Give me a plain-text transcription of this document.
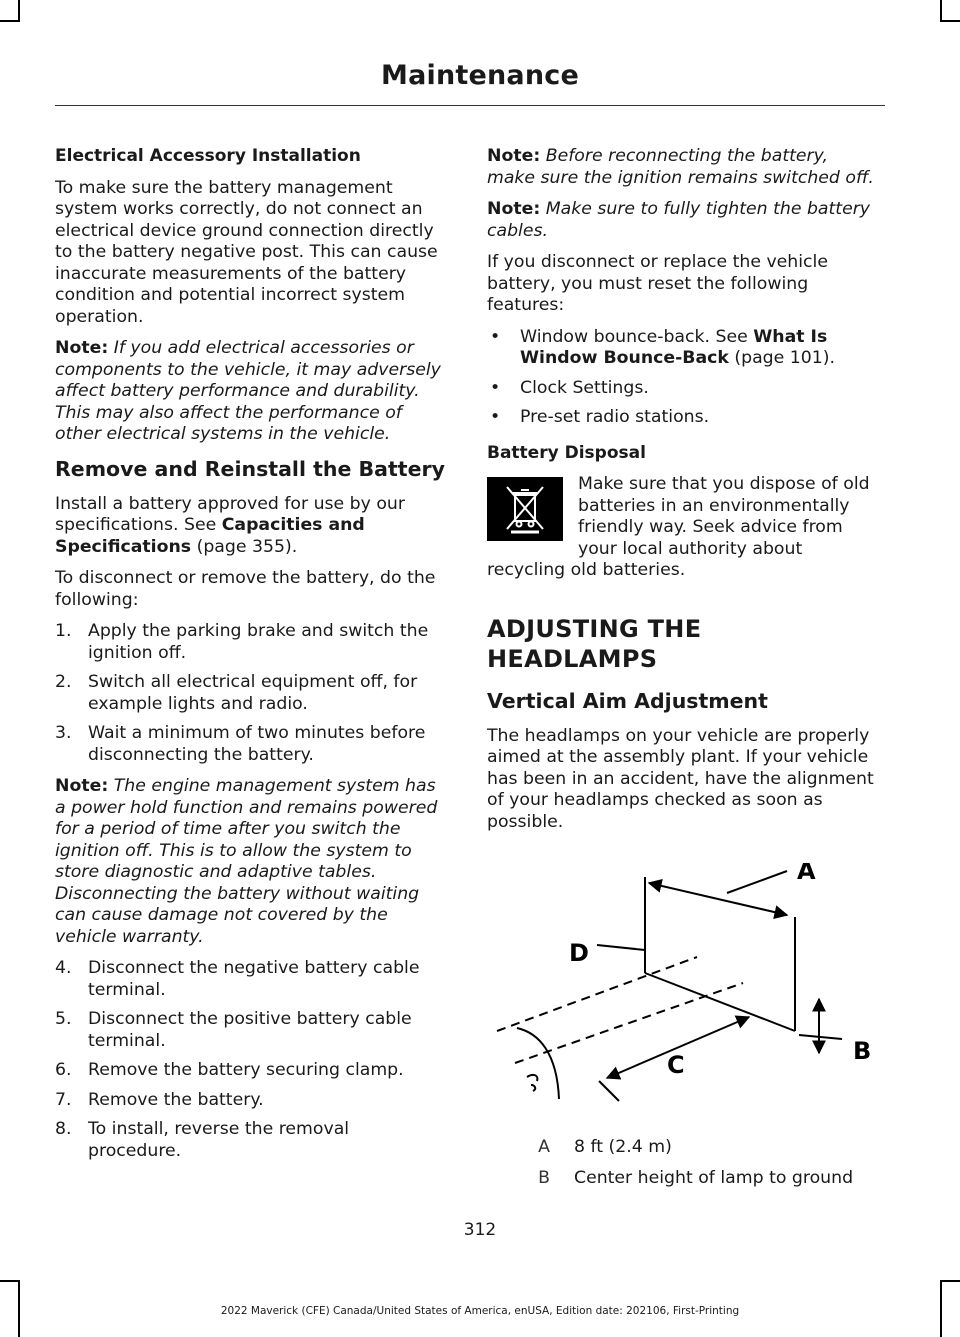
Maintenance
Electrical Accessory Installation

To make sure the battery management system works correctly, do not connect an electrical device ground connection directly to the battery negative post. This can cause inaccurate measurements of the battery condition and potential incorrect system operation.

Note: If you add electrical accessories or components to the vehicle, it may adversely affect battery performance and durability. This may also affect the performance of other electrical systems in the vehicle.

Remove and Reinstall the Battery

Install a battery approved for use by our specifications. See Capacities and Specifications (page 355).

To disconnect or remove the battery, do the following:

1. Apply the parking brake and switch the ignition off.
2. Switch all electrical equipment off, for example lights and radio.
3. Wait a minimum of two minutes before disconnecting the battery.

Note: The engine management system has a power hold function and remains powered for a period of time after you switch the ignition off. This is to allow the system to store diagnostic and adaptive tables. Disconnecting the battery without waiting can cause damage not covered by the vehicle warranty.

4. Disconnect the negative battery cable terminal.
5. Disconnect the positive battery cable terminal.
6. Remove the battery securing clamp.
7. Remove the battery.
8. To install, reverse the removal procedure.

Note: Before reconnecting the battery, make sure the ignition remains switched off.

Note: Make sure to fully tighten the battery cables.

If you disconnect or replace the vehicle battery, you must reset the following features:

•	Window bounce-back. See What Is Window Bounce-Back (page 101).
•	Clock Settings.
•	Pre-set radio stations.
Battery Disposal

Make sure that you dispose of old batteries in an environmentally friendly way. Seek advice from your local authority about recycling old batteries.

ADJUSTING THE HEADLAMPS
Vertical Aim Adjustment

The headlamps on your vehicle are properly aimed at the assembly plant. If your vehicle has been in an accident, have the alignment of your headlamps checked as soon as possible.

A
B
C
D
A	8 ft (2.4 m)
B	Center height of lamp to ground
312
2022 Maverick (CFE) Canada/United States of America, enUSA, Edition date: 202106, First-Printing
